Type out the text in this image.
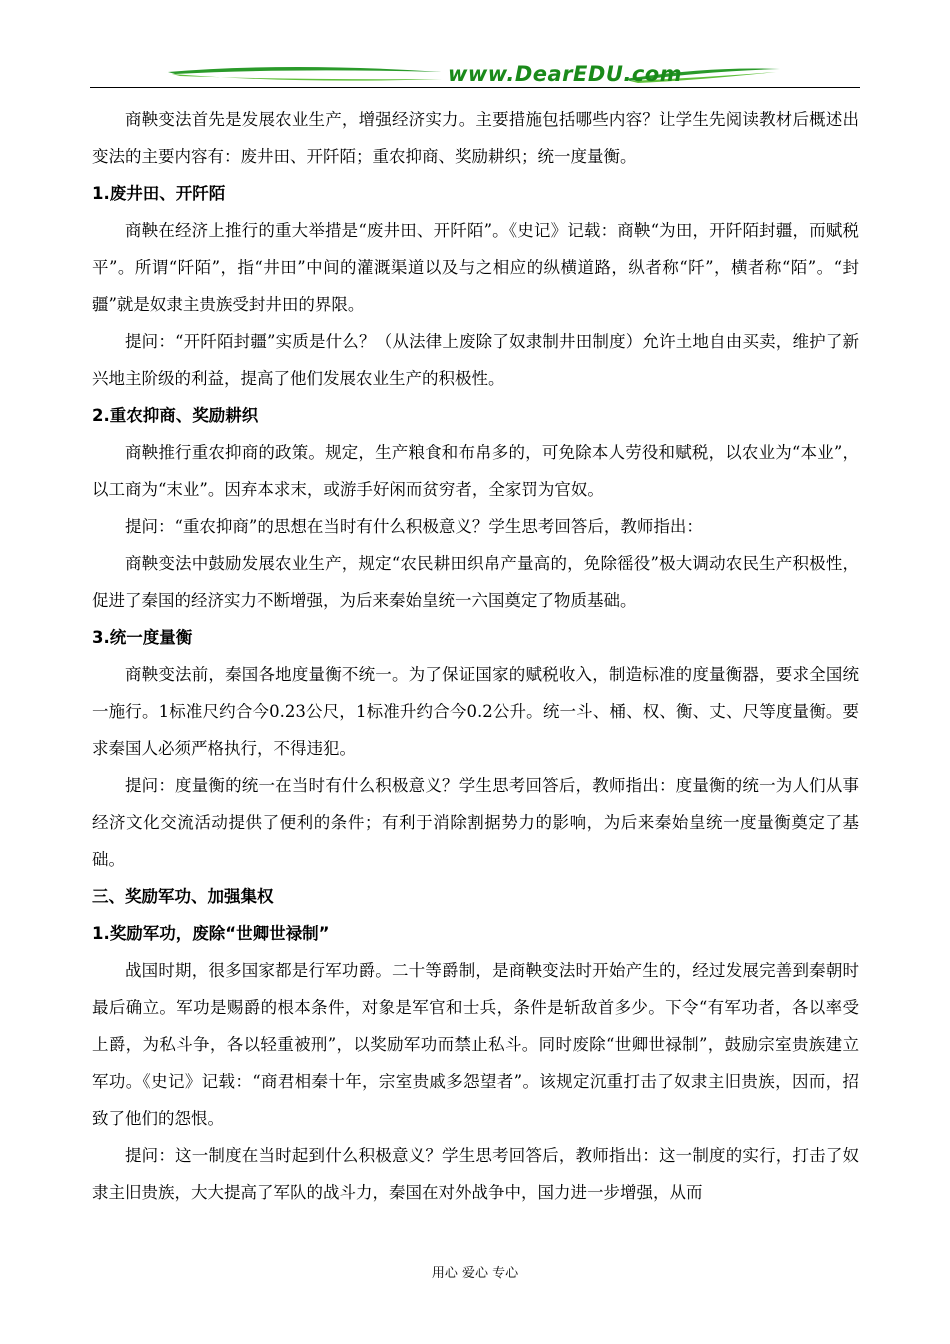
www.DearEDU.com
商鞅变法首先是发展农业生产，增强经济实力。主要措施包括哪些内容？让学生先阅读教材后概述出变法的主要内容有：废井田、开阡陌；重农抑商、奖励耕织；统一度量衡。
1.废井田、开阡陌
商鞅在经济上推行的重大举措是“废井田、开阡陌”。《史记》记载：商鞅“为田，开阡陌封疆，而赋税平”。所谓“阡陌”，指“井田”中间的灌溉渠道以及与之相应的纵横道路，纵者称“阡”，横者称“陌”。“封疆”就是奴隶主贵族受封井田的界限。
提问：“开阡陌封疆”实质是什么？（从法律上废除了奴隶制井田制度）允许土地自由买卖，维护了新兴地主阶级的利益，提高了他们发展农业生产的积极性。
2.重农抑商、奖励耕织
商鞅推行重农抑商的政策。规定，生产粮食和布帛多的，可免除本人劳役和赋税，以农业为“本业”，以工商为“末业”。因弃本求末，或游手好闲而贫穷者，全家罚为官奴。
提问：“重农抑商”的思想在当时有什么积极意义？学生思考回答后，教师指出：
商鞅变法中鼓励发展农业生产，规定“农民耕田织帛产量高的，免除徭役”极大调动农民生产积极性，促进了秦国的经济实力不断增强，为后来秦始皇统一六国奠定了物质基础。
3.统一度量衡
商鞅变法前，秦国各地度量衡不统一。为了保证国家的赋税收入，制造标准的度量衡器，要求全国统一施行。1标准尺约合今0.23公尺，1标准升约合今0.2公升。统一斗、桶、权、衡、丈、尺等度量衡。要求秦国人必须严格执行，不得违犯。
提问：度量衡的统一在当时有什么积极意义？学生思考回答后，教师指出：度量衡的统一为人们从事经济文化交流活动提供了便利的条件；有利于消除割据势力的影响，为后来秦始皇统一度量衡奠定了基础。
三、奖励军功、加强集权
1.奖励军功，废除“世卿世禄制”
战国时期，很多国家都是行军功爵。二十等爵制，是商鞅变法时开始产生的，经过发展完善到秦朝时最后确立。军功是赐爵的根本条件，对象是军官和士兵，条件是斩敌首多少。下令“有军功者，各以率受上爵，为私斗争，各以轻重被刑”，以奖励军功而禁止私斗。同时废除“世卿世禄制”，鼓励宗室贵族建立军功。《史记》记载：“商君相秦十年，宗室贵戚多怨望者”。该规定沉重打击了奴隶主旧贵族，因而，招致了他们的怨恨。
提问：这一制度在当时起到什么积极意义？学生思考回答后，教师指出：这一制度的实行，打击了奴隶主旧贵族，大大提高了军队的战斗力，秦国在对外战争中，国力进一步增强，从而
用心 爱心 专心
